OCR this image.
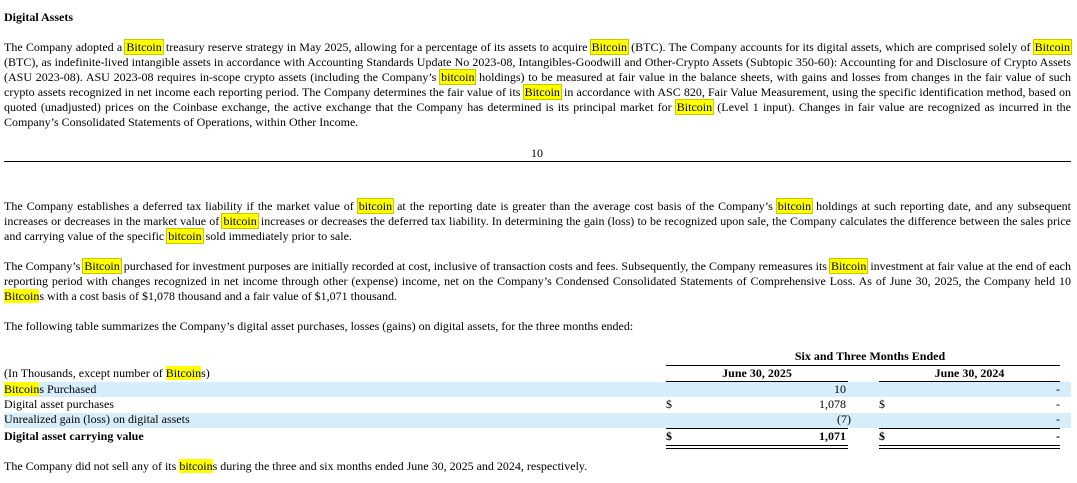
Digital Assets

The Company adopted a Bitcoin treasury reserve strategy in May 2025, allowing for a percentage of its assets to acquire Bitcoin (BTC). The Company accounts for its digital assets, which are comprised solely of Bitcoin (BTC), as indefinite-lived intangible assets in accordance with Accounting Standards Update No 2023-08, Intangibles-Goodwill and Other-Crypto Assets (Subtopic 350-60): Accounting for and Disclosure of Crypto Assets (ASU 2023-08). ASU 2023-08 requires in-scope crypto assets (including the Company’s bitcoin holdings) to be measured at fair value in the balance sheets, with gains and losses from changes in the fair value of such crypto assets recognized in net income each reporting period. The Company determines the fair value of its Bitcoin in accordance with ASC 820, Fair Value Measurement, using the specific identification method, based on quoted (unadjusted) prices on the Coinbase exchange, the active exchange that the Company has determined is its principal market for Bitcoin (Level 1 input). Changes in fair value are recognized as incurred in the Company’s Consolidated Statements of Operations, within Other Income.

10

The Company establishes a deferred tax liability if the market value of bitcoin at the reporting date is greater than the average cost basis of the Company’s bitcoin holdings at such reporting date, and any subsequent increases or decreases in the market value of bitcoin increases or decreases the deferred tax liability. In determining the gain (loss) to be recognized upon sale, the Company calculates the difference between the sales price and carrying value of the specific bitcoin sold immediately prior to sale.

The Company’s Bitcoin purchased for investment purposes are initially recorded at cost, inclusive of transaction costs and fees. Subsequently, the Company remeasures its Bitcoin investment at fair value at the end of each reporting period with changes recognized in net income through other (expense) income, net on the Company’s Condensed Consolidated Statements of Comprehensive Loss. As of June 30, 2025, the Company held 10 Bitcoins with a cost basis of $1,078 thousand and a fair value of $1,071 thousand.

The following table summarizes the Company’s digital asset purchases, losses (gains) on digital assets, for the three months ended:

Six and Three Months Ended
(In Thousands, except number of Bitcoins)	June 30, 2025	June 30, 2024
Bitcoins Purchased	10	-
Digital asset purchases	$	1,078	$	-
Unrealized gain (loss) on digital assets	(7)	-
Digital asset carrying value	$	1,071	$	-

The Company did not sell any of its bitcoins during the three and six months ended June 30, 2025 and 2024, respectively.
